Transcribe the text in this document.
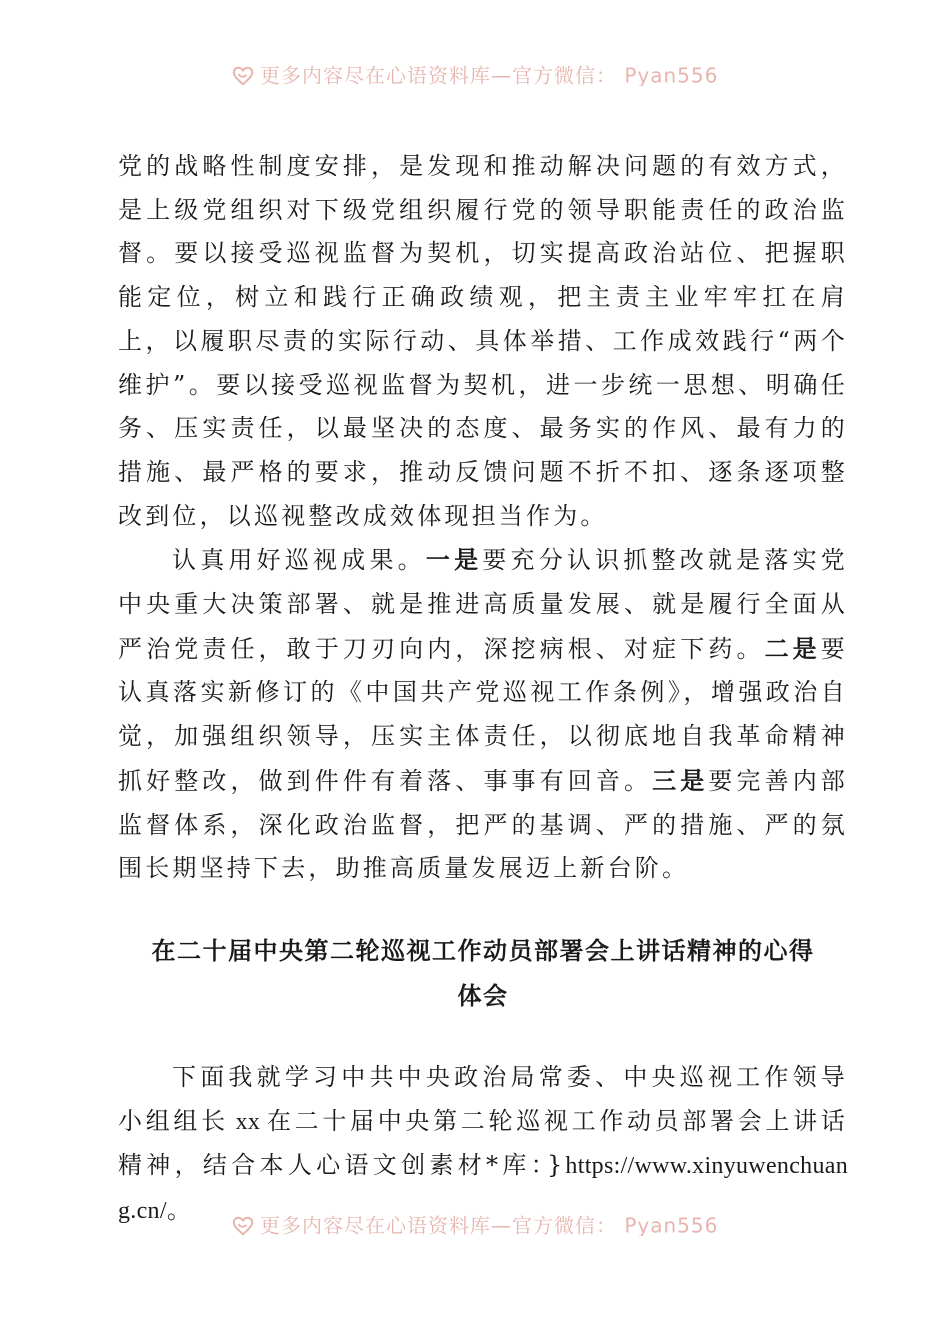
更多内容尽在心语资料库—官方微信： Pyan556

党的战略性制度安排，是发现和推动解决问题的有效方式，是上级党组织对下级党组织履行党的领导职能责任的政治监督。要以接受巡视监督为契机，切实提高政治站位、把握职能定位，树立和践行正确政绩观，把主责主业牢牢扛在肩上，以履职尽责的实际行动、具体举措、工作成效践行“两个维护”。要以接受巡视监督为契机，进一步统一思想、明确任务、压实责任，以最坚决的态度、最务实的作风、最有力的措施、最严格的要求，推动反馈问题不折不扣、逐条逐项整改到位，以巡视整改成效体现担当作为。

认真用好巡视成果。一是要充分认识抓整改就是落实党中央重大决策部署、就是推进高质量发展、就是履行全面从严治党责任，敢于刀刃向内，深挖病根、对症下药。二是要认真落实新修订的《中国共产党巡视工作条例》，增强政治自觉，加强组织领导，压实主体责任，以彻底地自我革命精神抓好整改，做到件件有着落、事事有回音。三是要完善内部监督体系，深化政治监督，把严的基调、严的措施、严的氛围长期坚持下去，助推高质量发展迈上新台阶。

在二十届中央第二轮巡视工作动员部署会上讲话精神的心得体会

下面我就学习中共中央政治局常委、中央巡视工作领导小组组长 xx 在二十届中央第二轮巡视工作动员部署会上讲话精神，结合本人心语文创素材*库：}https://www.xinyuwenchuang.cn/。

更多内容尽在心语资料库—官方微信： Pyan556
